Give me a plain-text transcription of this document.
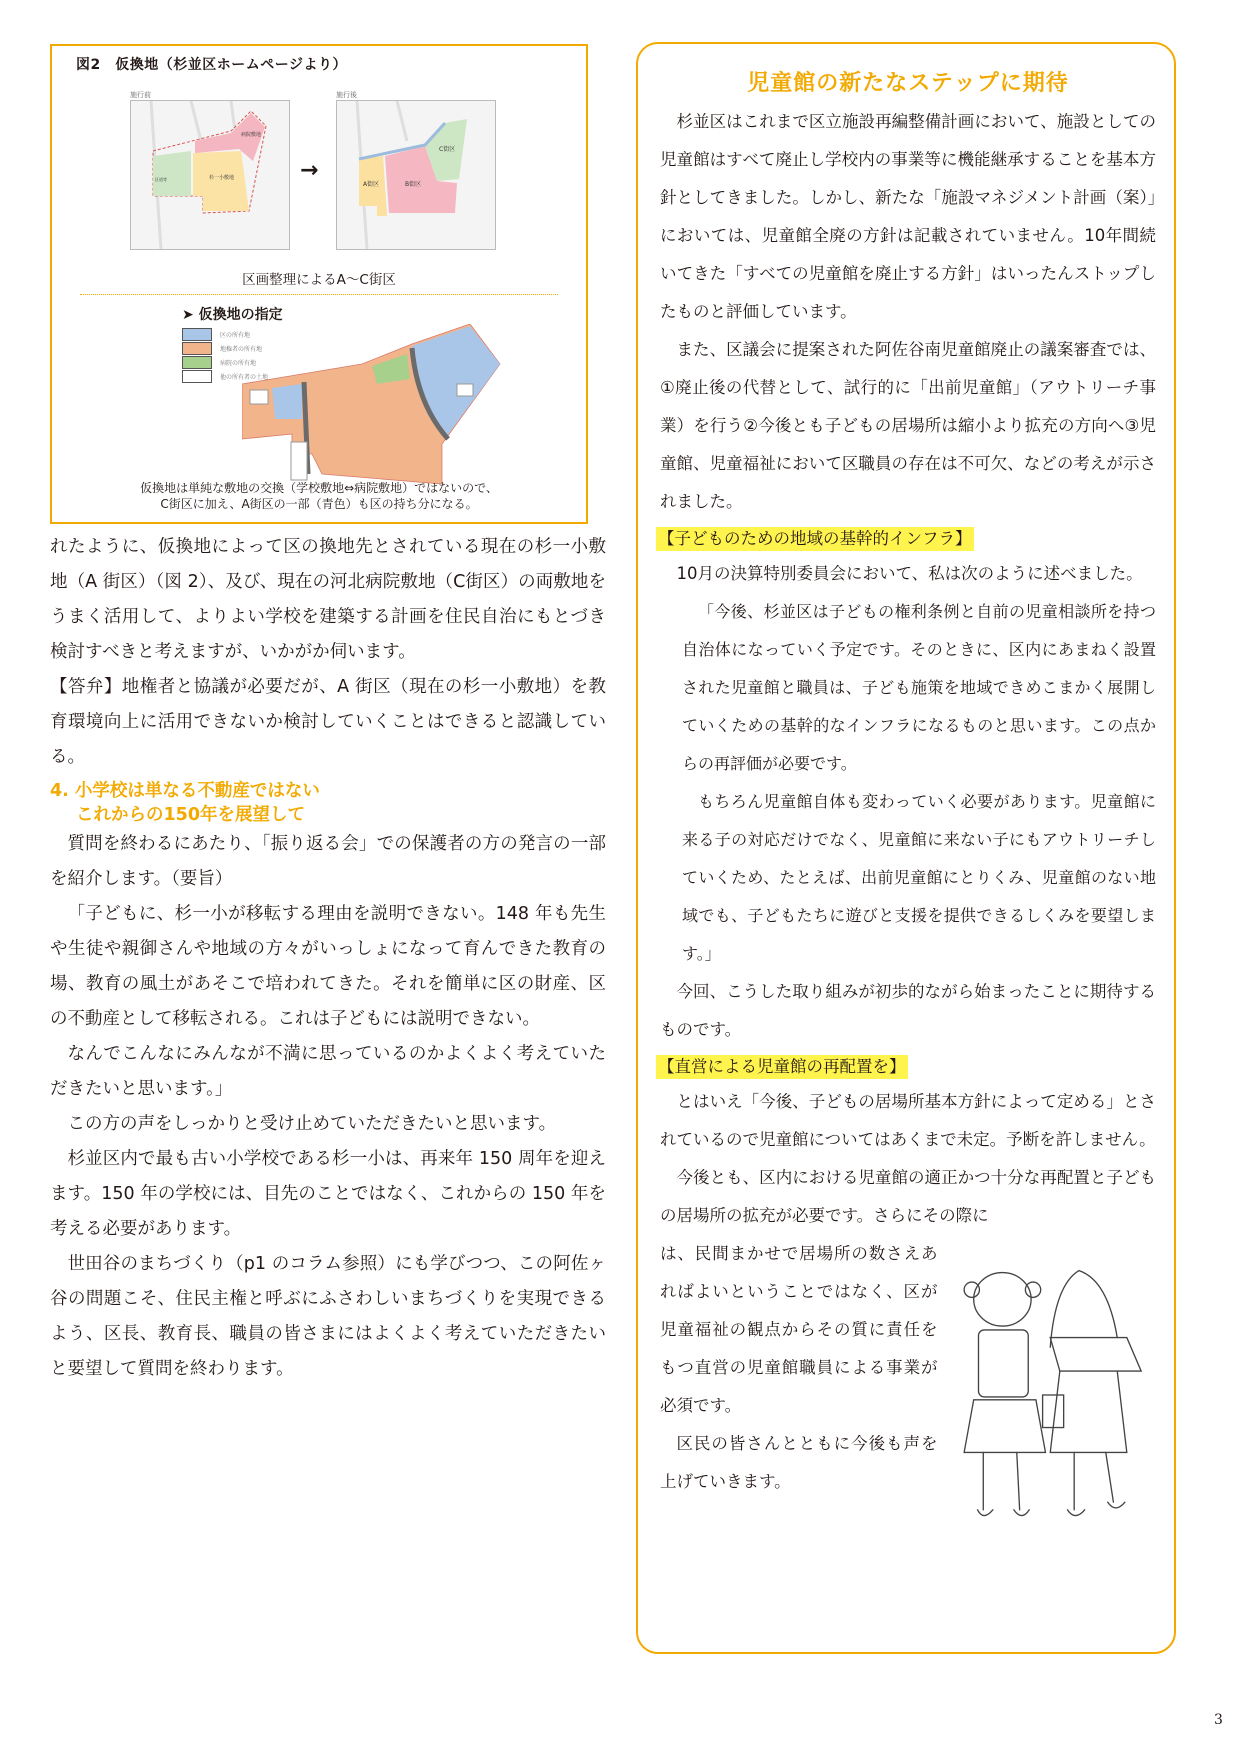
図2　仮換地（杉並区ホームページより）
施行前
杉一小敷地
病院敷地
区道等	→
施行後
A街区	B街区
C街区
区画整理によるA～C街区
➤ 仮換地の指定
区の所有地
地権者の所有地
病院の所有地
他の所有者の土地
仮換地は単純な敷地の交換（学校敷地⇔病院敷地）ではないので、
C街区に加え、A街区の一部（青色）も区の持ち分になる。

れたように、仮換地によって区の換地先とされている現在の杉一小敷地（A 街区）（図 2）、及び、現在の河北病院敷地（C街区）の両敷地をうまく活用して、よりよい学校を建築する計画を住民自治にもとづき検討すべきと考えますが、いかがか伺います。

【答弁】地権者と協議が必要だが、A 街区（現在の杉一小敷地）を教育環境向上に活用できないか検討していくことはできると認識している。

4. 小学校は単なる不動産ではない
これからの150年を展望して

質問を終わるにあたり、「振り返る会」での保護者の方の発言の一部を紹介します。（要旨）

「子どもに、杉一小が移転する理由を説明できない。148 年も先生や生徒や親御さんや地域の方々がいっしょになって育んできた教育の場、教育の風土があそこで培われてきた。それを簡単に区の財産、区の不動産として移転される。これは子どもには説明できない。

なんでこんなにみんなが不満に思っているのかよくよく考えていただきたいと思います。」

この方の声をしっかりと受け止めていただきたいと思います。

杉並区内で最も古い小学校である杉一小は、再来年 150 周年を迎えます。150 年の学校には、目先のことではなく、これからの 150 年を考える必要があります。

世田谷のまちづくり（p1 のコラム参照）にも学びつつ、この阿佐ヶ谷の問題こそ、住民主権と呼ぶにふさわしいまちづくりを実現できるよう、区長、教育長、職員の皆さまにはよくよく考えていただきたいと要望して質問を終わります。

児童館の新たなステップに期待

杉並区はこれまで区立施設再編整備計画において、施設としての児童館はすべて廃止し学校内の事業等に機能継承することを基本方針としてきました。しかし、新たな「施設マネジメント計画（案）」においては、児童館全廃の方針は記載されていません。10年間続いてきた「すべての児童館を廃止する方針」はいったんストップしたものと評価しています。

また、区議会に提案された阿佐谷南児童館廃止の議案審査では、①廃止後の代替として、試行的に「出前児童館」（アウトリーチ事業）を行う②今後とも子どもの居場所は縮小より拡充の方向へ③児童館、児童福祉において区職員の存在は不可欠、などの考えが示されました。

【子どものための地域の基幹的インフラ】

10月の決算特別委員会において、私は次のように述べました。

「今後、杉並区は子どもの権利条例と自前の児童相談所を持つ自治体になっていく予定です。そのときに、区内にあまねく設置された児童館と職員は、子ども施策を地域できめこまかく展開していくための基幹的なインフラになるものと思います。この点からの再評価が必要です。

もちろん児童館自体も変わっていく必要があります。児童館に来る子の対応だけでなく、児童館に来ない子にもアウトリーチしていくため、たとえば、出前児童館にとりくみ、児童館のない地域でも、子どもたちに遊びと支援を提供できるしくみを要望します。」

今回、こうした取り組みが初歩的ながら始まったことに期待するものです。

【直営による児童館の再配置を】

とはいえ「今後、子どもの居場所基本方針によって定める」とされているので児童館についてはあくまで未定。予断を許しません。

今後とも、区内における児童館の適正かつ十分な再配置と子どもの居場所の拡充が必要です。さらにその際に

は、民間まかせで居場所の数さえあればよいということではなく、区が児童福祉の観点からその質に責任をもつ直営の児童館職員による事業が必須です。

区民の皆さんとともに今後も声を上げていきます。

3
